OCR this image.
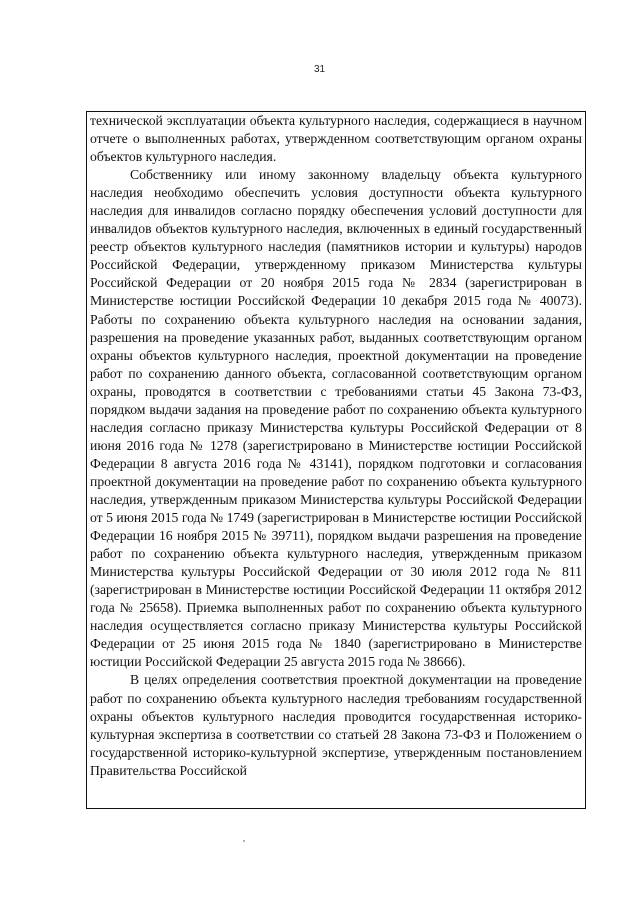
31

технической эксплуатации объекта культурного наследия, содержащиеся в научном отчете о выполненных работах, утвержденном соответствующим органом охраны объектов культурного наследия.

Собственнику или иному законному владельцу объекта культурного наследия необходимо обеспечить условия доступности объекта культурного наследия для инвалидов согласно порядку обеспечения условий доступности для инвалидов объектов культурного наследия, включенных в единый государственный реестр объектов культурного наследия (памятников истории и культуры) народов Российской Федерации, утвержденному приказом Министерства культуры Российской Федерации от 20 ноября 2015 года № 2834 (зарегистрирован в Министерстве юстиции Российской Федерации 10 декабря 2015 года № 40073). Работы по сохранению объекта культурного наследия на основании задания, разрешения на проведение указанных работ, выданных соответствующим органом охраны объектов культурного наследия, проектной документации на проведение работ по сохранению данного объекта, согласованной соответствующим органом охраны, проводятся в соответствии с требованиями статьи 45 Закона 73-ФЗ, порядком выдачи задания на проведение работ по сохранению объекта культурного наследия согласно приказу Министерства культуры Российской Федерации от 8 июня 2016 года № 1278 (зарегистрировано в Министерстве юстиции Российской Федерации 8 августа 2016 года № 43141), порядком подготовки и согласования проектной документации на проведение работ по сохранению объекта культурного наследия, утвержденным приказом Министерства культуры Российской Федерации от 5 июня 2015 года № 1749 (зарегистрирован в Министерстве юстиции Российской Федерации 16 ноября 2015 № 39711), порядком выдачи разрешения на проведение работ по сохранению объекта культурного наследия, утвержденным приказом Министерства культуры Российской Федерации от 30 июля 2012 года № 811 (зарегистрирован в Министерстве юстиции Российской Федерации 11 октября 2012 года № 25658). Приемка выполненных работ по сохранению объекта культурного наследия осуществляется согласно приказу Министерства культуры Российской Федерации от 25 июня 2015 года № 1840 (зарегистрировано в Министерстве юстиции Российской Федерации 25 августа 2015 года № 38666).

В целях определения соответствия проектной документации на проведение работ по сохранению объекта культурного наследия требованиям государственной охраны объектов культурного наследия проводится государственная историко-культурная экспертиза в соответствии со статьей 28 Закона 73-ФЗ и Положением о государственной историко-культурной экспертизе, утвержденным постановлением Правительства Российской
